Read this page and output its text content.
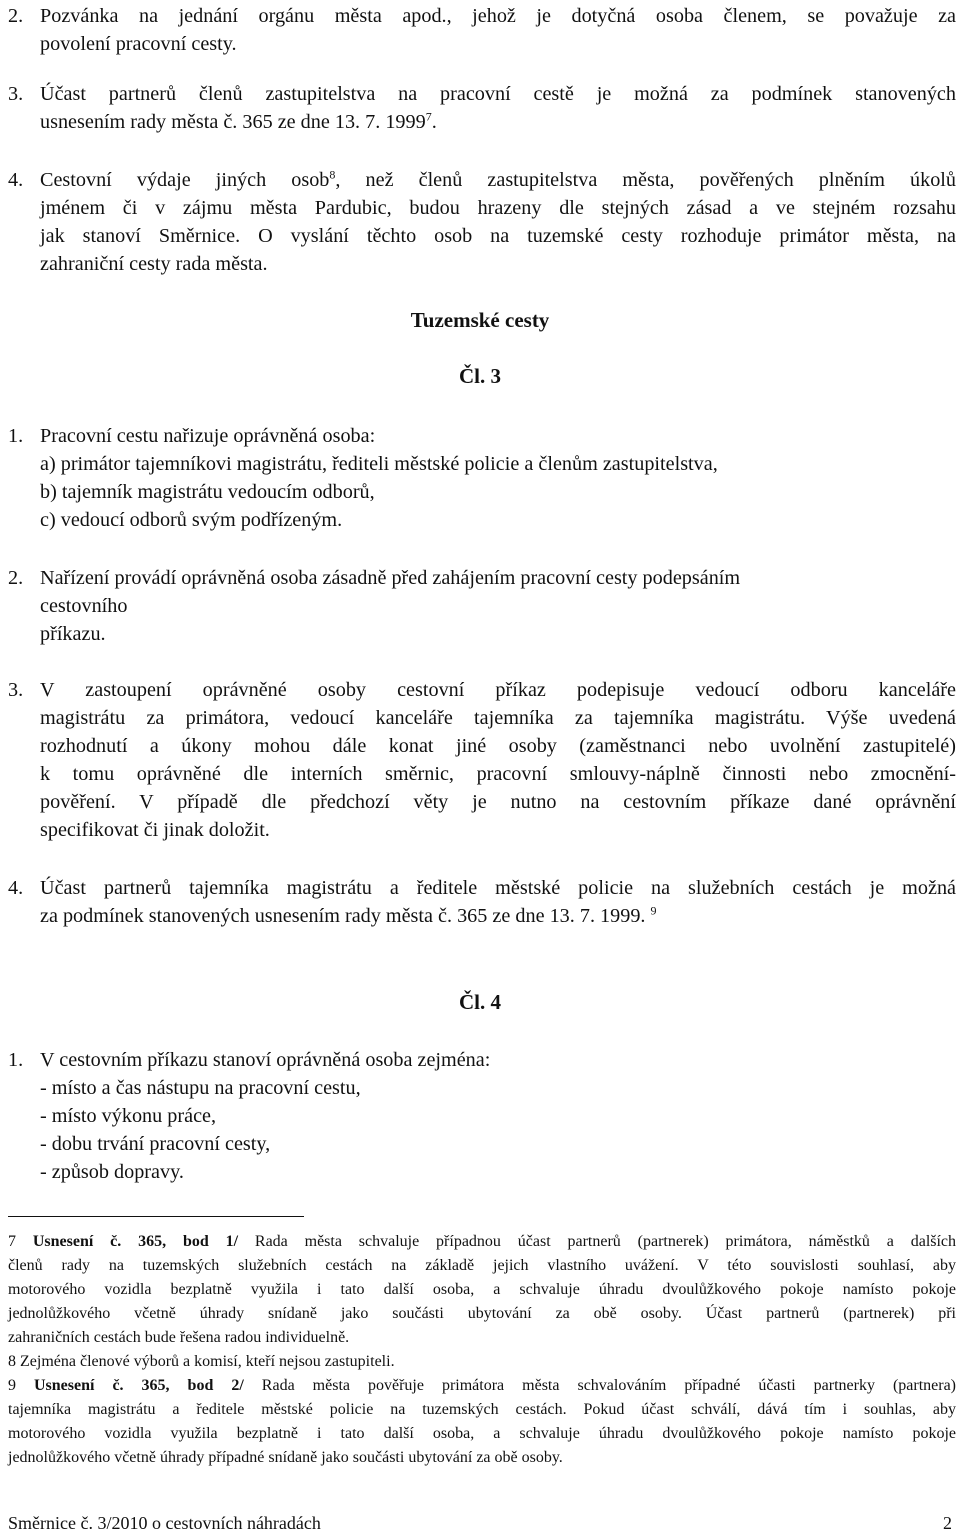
2. Pozvánka na jednání orgánu města apod., jehož je dotyčná osoba členem, se považuje za
povolení pracovní cesty.
3. Účast partnerů členů zastupitelstva na pracovní cestě je možná za podmínek stanovených
usnesením rady města č. 365 ze dne 13. 7. 1999$^7$.
4. Cestovní výdaje jiných osob$^8$, než členů zastupitelstva města, pověřených plněním úkolů
jménem či v zájmu města Pardubic, budou hrazeny dle stejných zásad a ve stejném rozsahu
jak stanoví Směrnice. O vyslání těchto osob na tuzemské cesty rozhoduje primátor města, na
zahraniční cesty rada města.
Tuzemské cesty
Čl. 3
1. Pracovní cestu nařizuje oprávněná osoba:
a) primátor tajemníkovi magistrátu, řediteli městské policie a členům zastupitelstva,
b) tajemník magistrátu vedoucím odborů,
c) vedoucí odborů svým podřízeným.
2. Nařízení provádí oprávněná osoba zásadně před zahájením pracovní cesty podepsáním
cestovního
příkazu.
3. V zastoupení oprávněné osoby cestovní příkaz podepisuje vedoucí odboru kanceláře
magistrátu za primátora, vedoucí kanceláře tajemníka za tajemníka magistrátu. Výše uvedená
rozhodnutí a úkony mohou dále konat jiné osoby (zaměstnanci nebo uvolnění zastupitelé)
k tomu oprávněné dle interních směrnic, pracovní smlouvy-náplně činnosti nebo zmocnění-
pověření. V případě dle předchozí věty je nutno na cestovním příkaze dané oprávnění
specifikovat či jinak doložit.
4. Účast partnerů tajemníka magistrátu a ředitele městské policie na služebních cestách je možná
za podmínek stanovených usnesením rady města č. 365 ze dne 13. 7. 1999. $^9$
Čl. 4
1. V cestovním příkazu stanoví oprávněná osoba zejména:
- místo a čas nástupu na pracovní cestu,
- místo výkonu práce,
- dobu trvání pracovní cesty,
- způsob dopravy.
7 Usnesení č. 365, bod 1/ Rada města schvaluje případnou účast partnerů (partnerek) primátora, náměstků a dalších
členů rady na tuzemských služebních cestách na základě jejich vlastního uvážení. V této souvislosti souhlasí, aby
motorového vozidla bezplatně využila i tato další osoba, a schvaluje úhradu dvoulůžkového pokoje namísto pokoje
jednolůžkového včetně úhrady snídaně jako součásti ubytování za obě osoby. Účast partnerů (partnerek) při
zahraničních cestách bude řešena radou individuelně.
8 Zejména členové výborů a komisí, kteří nejsou zastupiteli.
9 Usnesení č. 365, bod 2/ Rada města pověřuje primátora města schvalováním případné účasti partnerky (partnera)
tajemníka magistrátu a ředitele městské policie na tuzemských cestách. Pokud účast schválí, dává tím i souhlas, aby
motorového vozidla využila bezplatně i tato další osoba, a schvaluje úhradu dvoulůžkového pokoje namísto pokoje
jednolůžkového včetně úhrady případné snídaně jako součásti ubytování za obě osoby.
Směrnice č. 3/2010 o cestovních náhradách	2
